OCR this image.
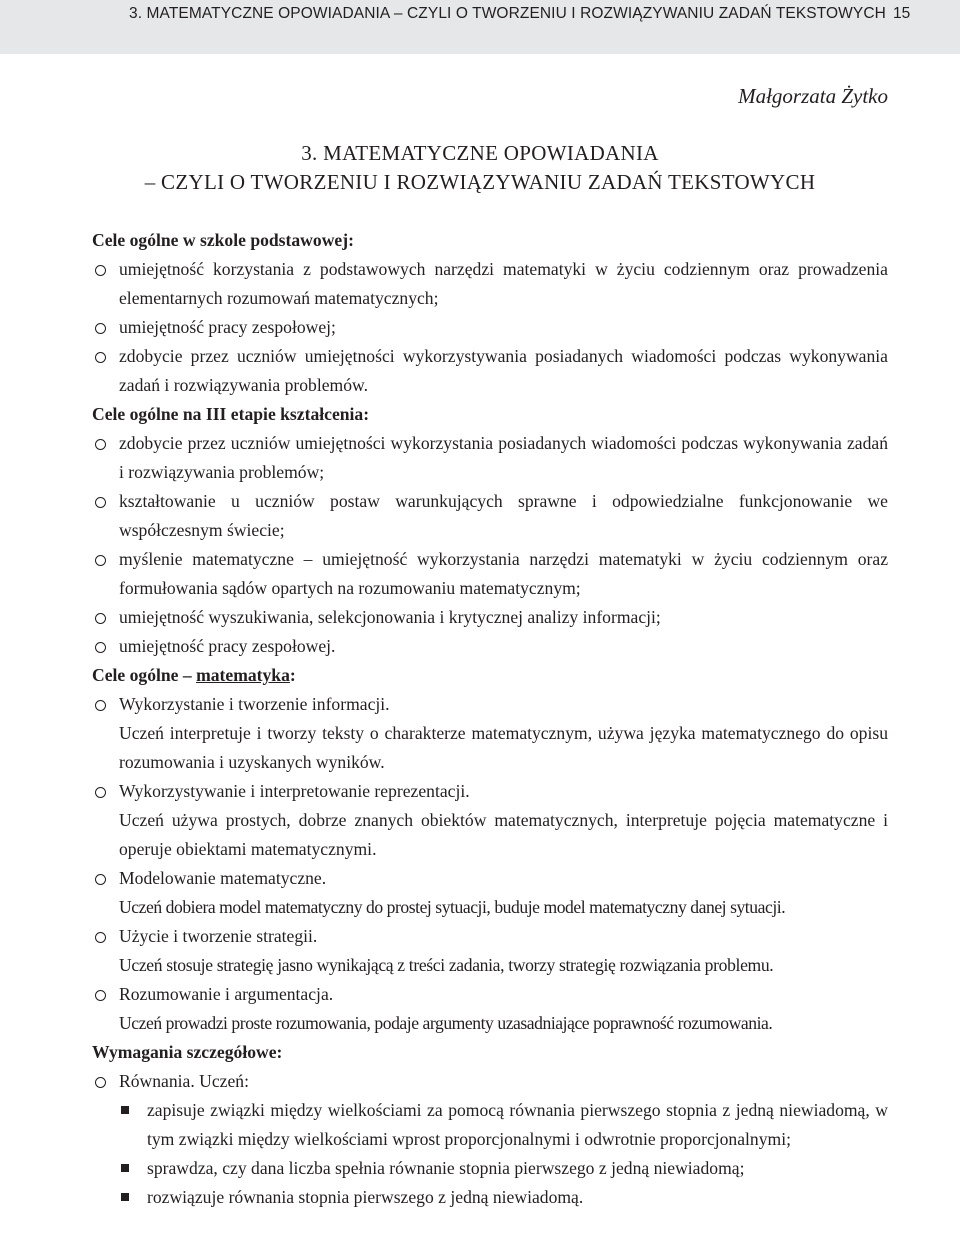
3. MATEMATYCZNE OPOWIADANIA – CZYLI O TWORZENIU I ROZWIĄZYWANIU ZADAŃ TEKSTOWYCH 15
Małgorzata Żytko
3. MATEMATYCZNE OPOWIADANIA
– CZYLI O TWORZENIU I ROZWIĄZYWANIU ZADAŃ TEKSTOWYCH

Cele ogólne w szkole podstawowej:

umiejętność korzystania z podstawowych narzędzi matematyki w życiu codziennym oraz prowadzenia elementarnych rozumowań matematycznych;
umiejętność pracy zespołowej;
zdobycie przez uczniów umiejętności wykorzystywania posiadanych wiadomości podczas wykonywania zadań i rozwiązywania problemów.

Cele ogólne na III etapie kształcenia:

zdobycie przez uczniów umiejętności wykorzystania posiadanych wiadomości podczas wykonywania zadań i rozwiązywania problemów;
kształtowanie u uczniów postaw warunkujących sprawne i odpowiedzialne funkcjonowanie we współczesnym świecie;
myślenie matematyczne – umiejętność wykorzystania narzędzi matematyki w życiu codziennym oraz formułowania sądów opartych na rozumowaniu matematycznym;
umiejętność wyszukiwania, selekcjonowania i krytycznej analizy informacji;
umiejętność pracy zespołowej.

Cele ogólne – matematyka:

Wykorzystanie i tworzenie informacji.

Uczeń interpretuje i tworzy teksty o charakterze matematycznym, używa języka matematycznego do opisu rozumowania i uzyskanych wyników.

Wykorzystywanie i interpretowanie reprezentacji.

Uczeń używa prostych, dobrze znanych obiektów matematycznych, interpretuje pojęcia matematyczne i operuje obiektami matematycznymi.

Modelowanie matematyczne.

Uczeń dobiera model matematyczny do prostej sytuacji, buduje model matematyczny danej sytuacji.

Użycie i tworzenie strategii.

Uczeń stosuje strategię jasno wynikającą z treści zadania, tworzy strategię rozwiązania problemu.

Rozumowanie i argumentacja.

Uczeń prowadzi proste rozumowania, podaje argumenty uzasadniające poprawność rozumowania.

Wymagania szczegółowe:

Równania. Uczeń:
zapisuje związki między wielkościami za pomocą równania pierwszego stopnia z jedną niewiadomą, w tym związki między wielkościami wprost proporcjonalnymi i odwrotnie proporcjonalnymi;
sprawdza, czy dana liczba spełnia równanie stopnia pierwszego z jedną niewiadomą;
rozwiązuje równania stopnia pierwszego z jedną niewiadomą.
